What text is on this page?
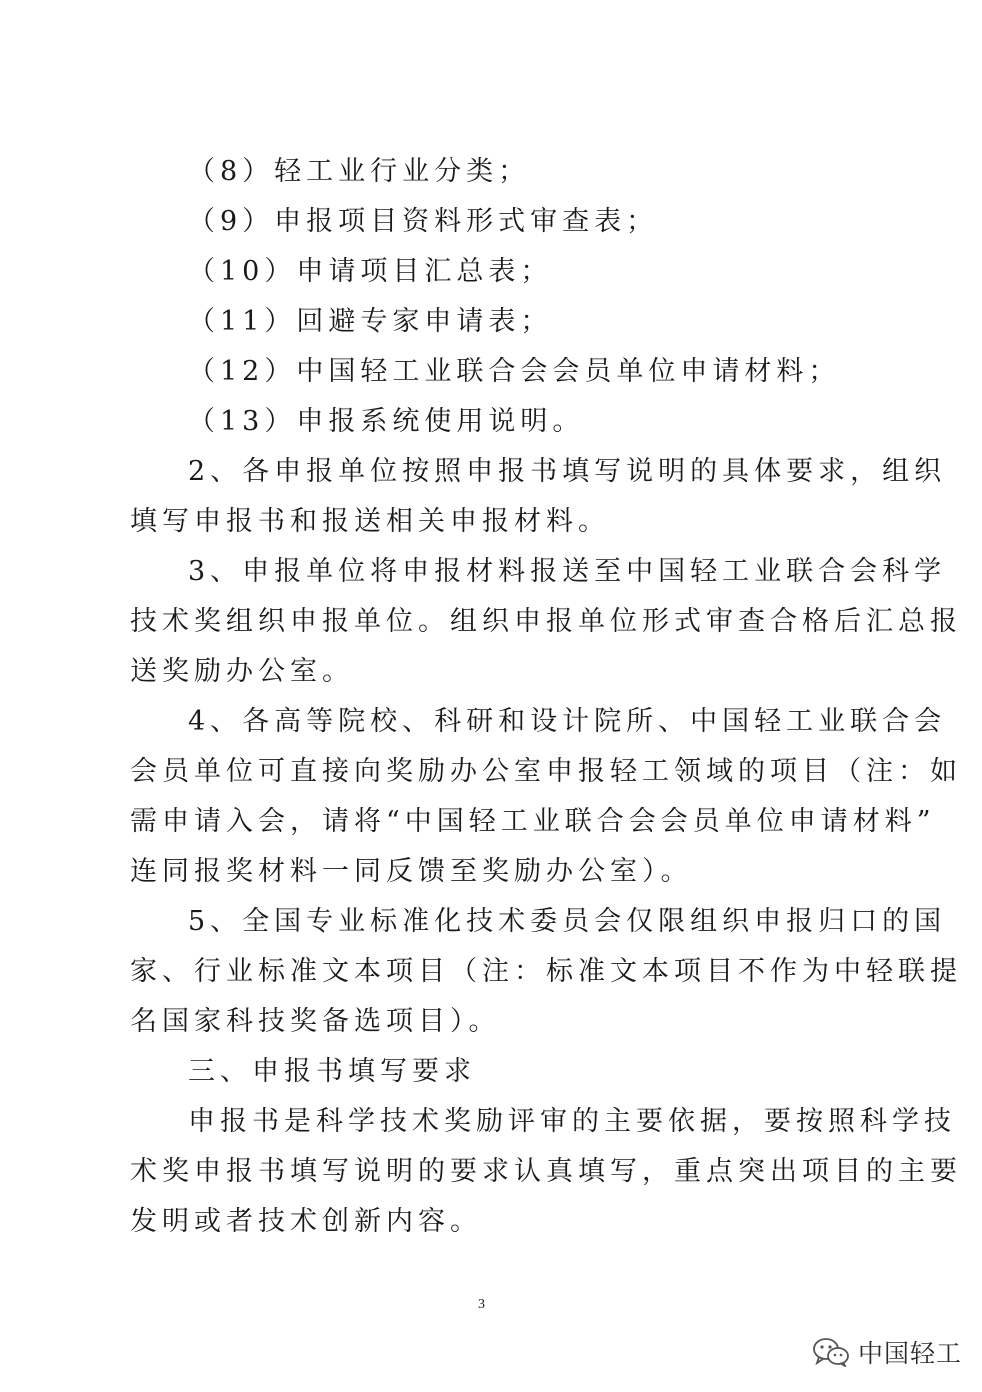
（8）轻工业行业分类；
（9）申报项目资料形式审查表；
（10）申请项目汇总表；
（11）回避专家申请表；
（12）中国轻工业联合会会员单位申请材料；
（13）申报系统使用说明。
2、各申报单位按照申报书填写说明的具体要求，组织
填写申报书和报送相关申报材料。
3、申报单位将申报材料报送至中国轻工业联合会科学
技术奖组织申报单位。组织申报单位形式审查合格后汇总报
送奖励办公室。
4、各高等院校、科研和设计院所、中国轻工业联合会
会员单位可直接向奖励办公室申报轻工领域的项目（注：如
需申请入会，请将“中国轻工业联合会会员单位申请材料”
连同报奖材料一同反馈至奖励办公室）。
5、全国专业标准化技术委员会仅限组织申报归口的国
家、行业标准文本项目（注：标准文本项目不作为中轻联提
名国家科技奖备选项目）。
三、申报书填写要求
申报书是科学技术奖励评审的主要依据，要按照科学技
术奖申报书填写说明的要求认真填写，重点突出项目的主要
发明或者技术创新内容。
3
中国轻工
